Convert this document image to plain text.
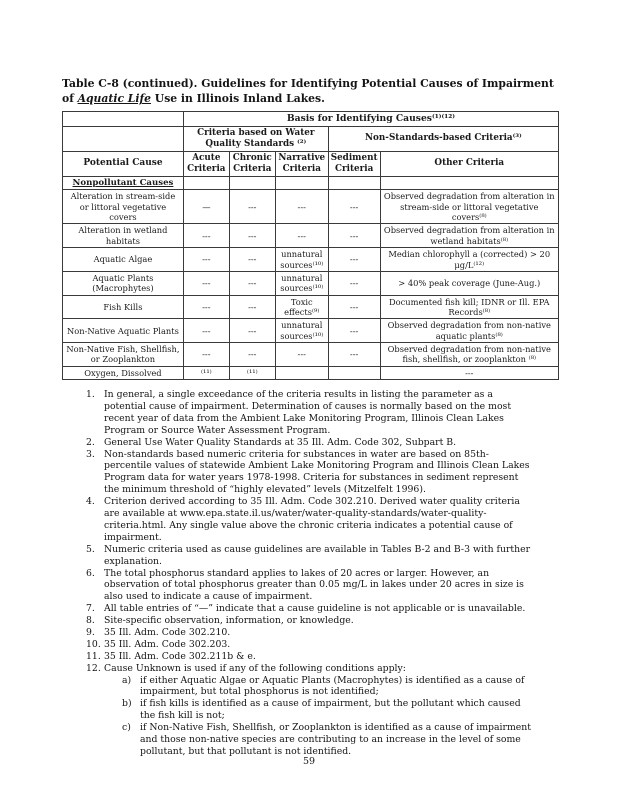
Table C-8 (continued). Guidelines for Identifying Potential Causes of Impairment of Aquatic Life Use in Illinois Inland Lakes.
	Basis for Identifying Causes⁽¹⁾⁽¹²⁾				
	Criteria based on Water Quality Standards ⁽²⁾			Non-Standards-based Criteria⁽³⁾	
Potential Cause	Acute Criteria	Chronic Criteria	Narrative Criteria	Sediment Criteria	Other Criteria
Nonpollutant Causes					
Alteration in stream-side or littoral vegetative covers	—	---	---	---	Observed degradation from alteration in stream-side or littoral vegetative covers⁽⁸⁾
Alteration in wetland habitats	---	---	---	---	Observed degradation from alteration in wetland habitats⁽⁸⁾
Aquatic Algae	---	---	unnatural sources⁽¹⁰⁾	---	Median chlorophyll a (corrected) > 20 μg/L⁽¹²⁾
Aquatic Plants (Macrophytes)	---	---	unnatural sources⁽¹⁰⁾	---	> 40% peak coverage (June-Aug.)
Fish Kills	---	---	Toxic effects⁽⁹⁾	---	Documented fish kill; IDNR or Ill. EPA Records⁽⁸⁾
Non-Native Aquatic Plants	---	---	unnatural sources⁽¹⁰⁾	---	Observed degradation from non-native aquatic plants⁽⁸⁾
Non-Native Fish, Shellfish, or Zooplankton	---	---	---	---	Observed degradation from non-native fish, shellfish, or zooplankton ⁽⁸⁾
Oxygen, Dissolved	⁽¹¹⁾	⁽¹¹⁾			---
1. In general, a single exceedance of the criteria results in listing the parameter as a potential cause of impairment. Determination of causes is normally based on the most recent year of data from the Ambient Lake Monitoring Program, Illinois Clean Lakes Program or Source Water Assessment Program.
2. General Use Water Quality Standards at 35 Ill. Adm. Code 302, Subpart B.
3. Non-standards based numeric criteria for substances in water are based on 85th-percentile values of statewide Ambient Lake Monitoring Program and Illinois Clean Lakes Program data for water years 1978-1998. Criteria for substances in sediment represent the minimum threshold of “highly elevated” levels (Mitzelfelt 1996).
4. Criterion derived according to 35 Ill. Adm. Code 302.210. Derived water quality criteria are available at www.epa.state.il.us/water/water-quality-standards/water-quality-criteria.html. Any single value above the chronic criteria indicates a potential cause of impairment.
5. Numeric criteria used as cause guidelines are available in Tables B-2 and B-3 with further explanation.
6. The total phosphorus standard applies to lakes of 20 acres or larger. However, an observation of total phosphorus greater than 0.05 mg/L in lakes under 20 acres in size is also used to indicate a cause of impairment.
7. All table entries of “—” indicate that a cause guideline is not applicable or is unavailable.
8. Site-specific observation, information, or knowledge.
9. 35 Ill. Adm. Code 302.210.
10. 35 Ill. Adm. Code 302.203.
11. 35 Ill. Adm. Code 302.211b & e.
12. Cause Unknown is used if any of the following conditions apply:
a) if either Aquatic Algae or Aquatic Plants (Macrophytes) is identified as a cause of impairment, but total phosphorus is not identified;
b) if fish kills is identified as a cause of impairment, but the pollutant which caused the fish kill is not;
c) if Non-Native Fish, Shellfish, or Zooplankton is identified as a cause of impairment and those non-native species are contributing to an increase in the level of some pollutant, but that pollutant is not identified.
59
